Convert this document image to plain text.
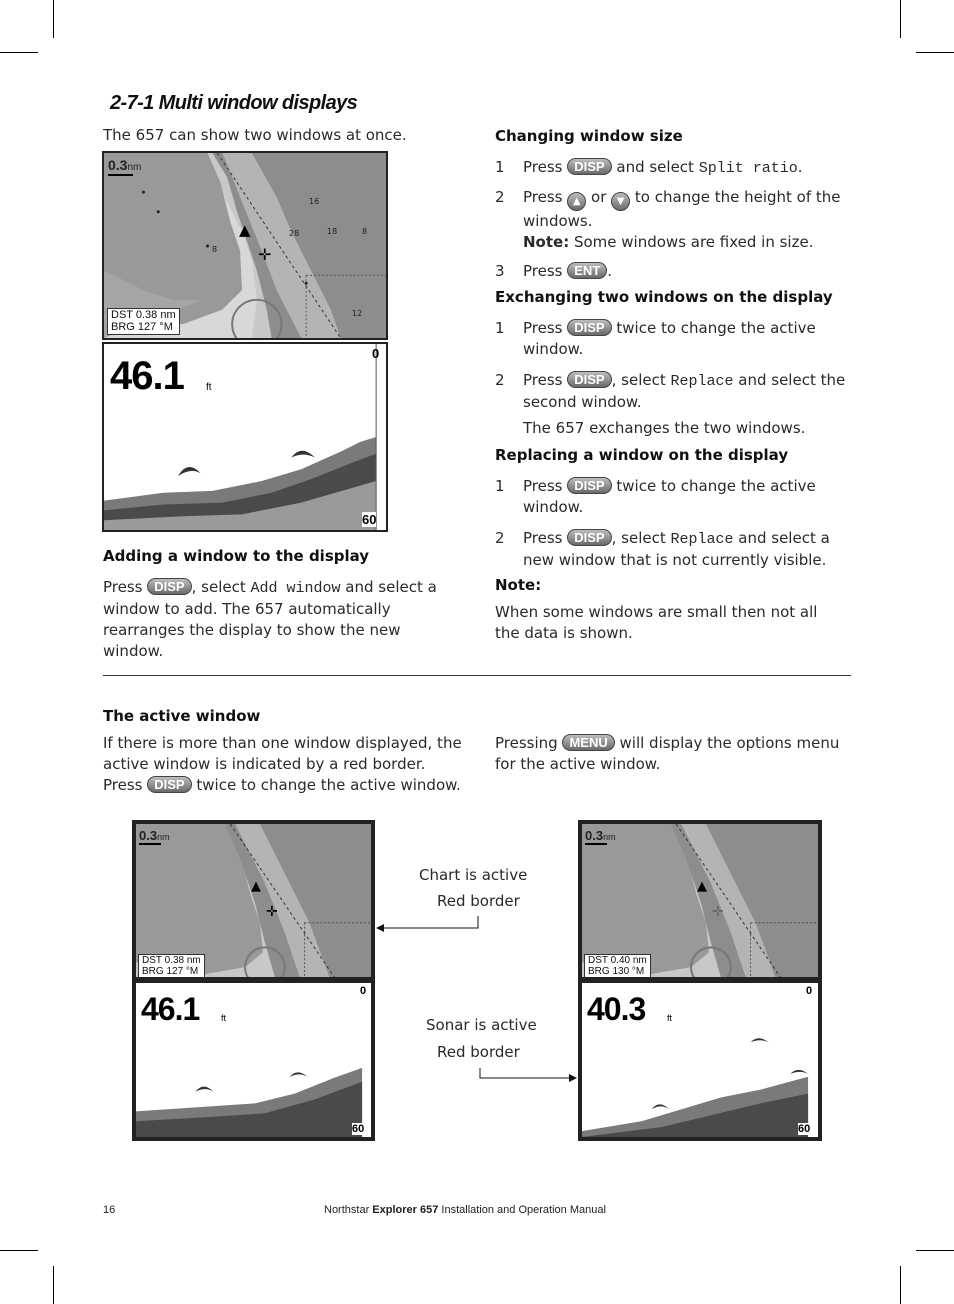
2-7-1 Multi window displays
The 657 can show two windows at once.
0.3nm
▲
✛
16
28	18	8
8
12
DST 0.38 nm
BRG 127 °M
46.1 ft
0
60
Adding a window to the display
Press DISP , select Add window and select a window to add. The 657 automatically rearranges the display to show the new window.
Changing window size
1	Press DISP and select Split ratio.
2	Press ▲ or ▼ to change the height of the windows.
Note: Some windows are fixed in size.
3	Press ENT .
Exchanging two windows on the display
1	Press DISP twice to change the active window.
2	Press DISP , select Replace and select the second window.
The 657 exchanges the two windows.
Replacing a window on the display
1	Press DISP twice to change the active window.
2	Press DISP , select Replace and select a new window that is not currently visible.
Note:
When some windows are small then not all the data is shown.
The active window
If there is more than one window displayed, the active window is indicated by a red border. Press DISP twice to change the active window.
Pressing MENU will display the options menu for the active window.
0.3nm
▲
✛
DST 0.38 nm
BRG 127 °M
46.1 ft
0
60
0.3nm
▲
✛
DST 0.40 nm
BRG 130 °M
40.3 ft
0
60
Chart is active
Red border
Sonar is active
Red border
16	Northstar Explorer 657 Installation and Operation Manual
